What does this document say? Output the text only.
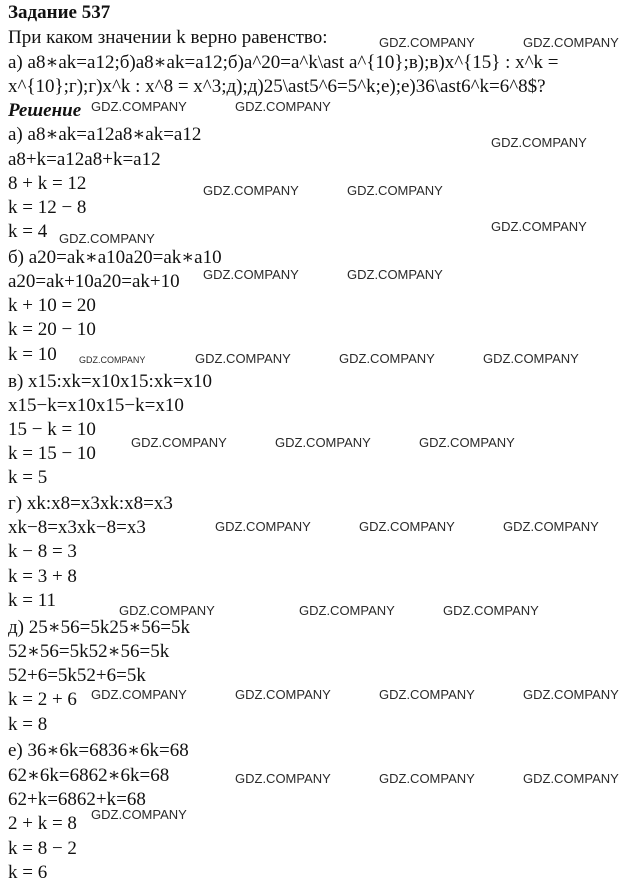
Задание 537
При каком значении k верно равенство:
а) a8∗ak=a12;б)a8∗ak=a12;б)a^20=a^k\ast a^{10};в);в)x^{15} : x^k =
x^{10};г);г)x^k : x^8 = x^3;д);д)25\ast5^6=5^k;е);е)36\ast6^k=6^8$?
Решение
а) a8∗ak=a12a8∗ak=a12
a8+k=a12a8+k=a12
8 + k = 12
k = 12 − 8
k = 4
б) a20=ak∗a10a20=ak∗a10
a20=ak+10a20=ak+10
k + 10 = 20
k = 20 − 10
k = 10
в) x15:xk=x10x15:xk=x10
x15−k=x10x15−k=x10
15 − k = 10
k = 15 − 10
k = 5
г) xk:x8=x3xk:x8=x3
xk−8=x3xk−8=x3
k − 8 = 3
k = 3 + 8
k = 11
д) 25∗56=5k25∗56=5k
52∗56=5k52∗56=5k
52+6=5k52+6=5k
k = 2 + 6
k = 8
е) 36∗6k=6836∗6k=68
62∗6k=6862∗6k=68
62+k=6862+k=68
2 + k = 8
k = 8 − 2
k = 6
GDZ.COMPANY	GDZ.COMPANY
GDZ.COMPANY	GDZ.COMPANY
GDZ.COMPANY
GDZ.COMPANY	GDZ.COMPANY
GDZ.COMPANY
GDZ.COMPANY
GDZ.COMPANY	GDZ.COMPANY
GDZ.COMPANY	GDZ.COMPANY	GDZ.COMPANY	GDZ.COMPANY
GDZ.COMPANY	GDZ.COMPANY	GDZ.COMPANY
GDZ.COMPANY	GDZ.COMPANY	GDZ.COMPANY
GDZ.COMPANY	GDZ.COMPANY	GDZ.COMPANY
GDZ.COMPANY	GDZ.COMPANY	GDZ.COMPANY	GDZ.COMPANY
GDZ.COMPANY	GDZ.COMPANY	GDZ.COMPANY
GDZ.COMPANY
